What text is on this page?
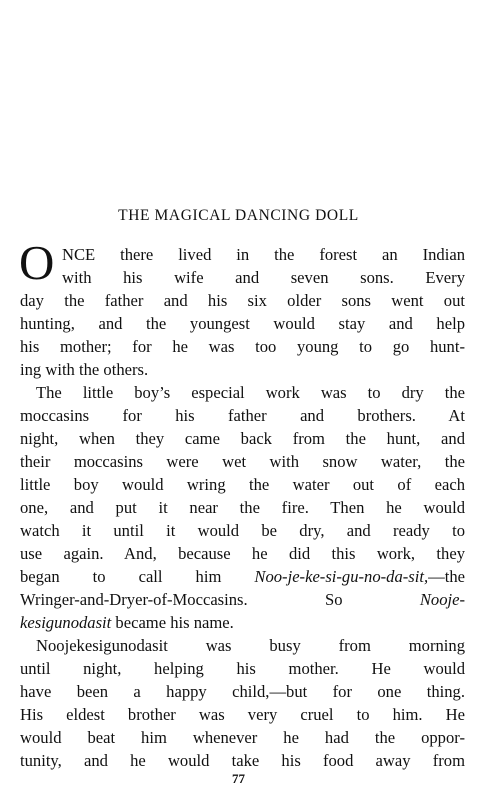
THE MAGICAL DANCING DOLL
O NCE there lived in the forest an Indian
with his wife and seven sons. Every
day the father and his six older sons went out
hunting, and the youngest would stay and help
his mother; for he was too young to go hunt-
ing with the others.
The little boy’s especial work was to dry the
moccasins for his father and brothers. At
night, when they came back from the hunt, and
their moccasins were wet with snow water, the
little boy would wring the water out of each
one, and put it near the fire. Then he would
watch it until it would be dry, and ready to
use again. And, because he did this work, they
began to call him Noo-je-ke-si-gu-no-da-sit,—the
Wringer-and-Dryer-of-Moccasins. So Nooje-
kesigunodasit became his name.
Noojekesigunodasit was busy from morning
until night, helping his mother. He would
have been a happy child,—but for one thing.
His eldest brother was very cruel to him. He
would beat him whenever he had the oppor-
tunity, and he would take his food away from
77
